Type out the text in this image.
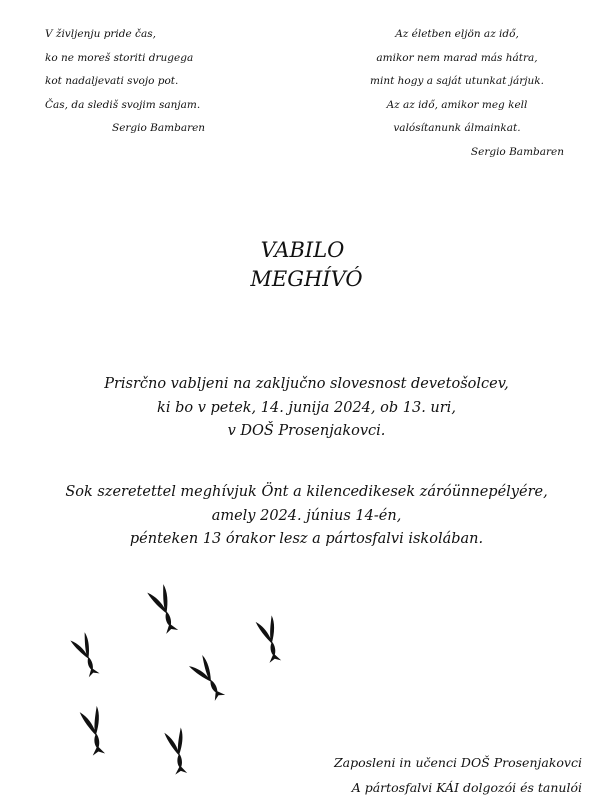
V življenju pride čas,
ko ne moreš storiti drugega
kot nadaljevati svojo pot.
Čas, da slediš svojim sanjam.
Sergio Bambaren
Az életben eljön az idő,
amikor nem marad más hátra,
mint hogy a saját utunkat járjuk.
Az az idő, amikor meg kell
valósítanunk álmainkat.
Sergio Bambaren
VABILO
MEGHÍVÓ
Prisrčno vabljeni na zaključno slovesnost devetošolcev,
ki bo v petek, 14. junija 2024, ob 13. uri,
v DOŠ Prosenjakovci.
Sok szeretettel meghívjuk Önt a kilencedikesek záróünnepélyére,
amely 2024. június 14-én,
pénteken 13 órakor lesz a pártosfalvi iskolában.
Zaposleni in učenci DOŠ Prosenjakovci
A pártosfalvi KÁI dolgozói és tanulói
